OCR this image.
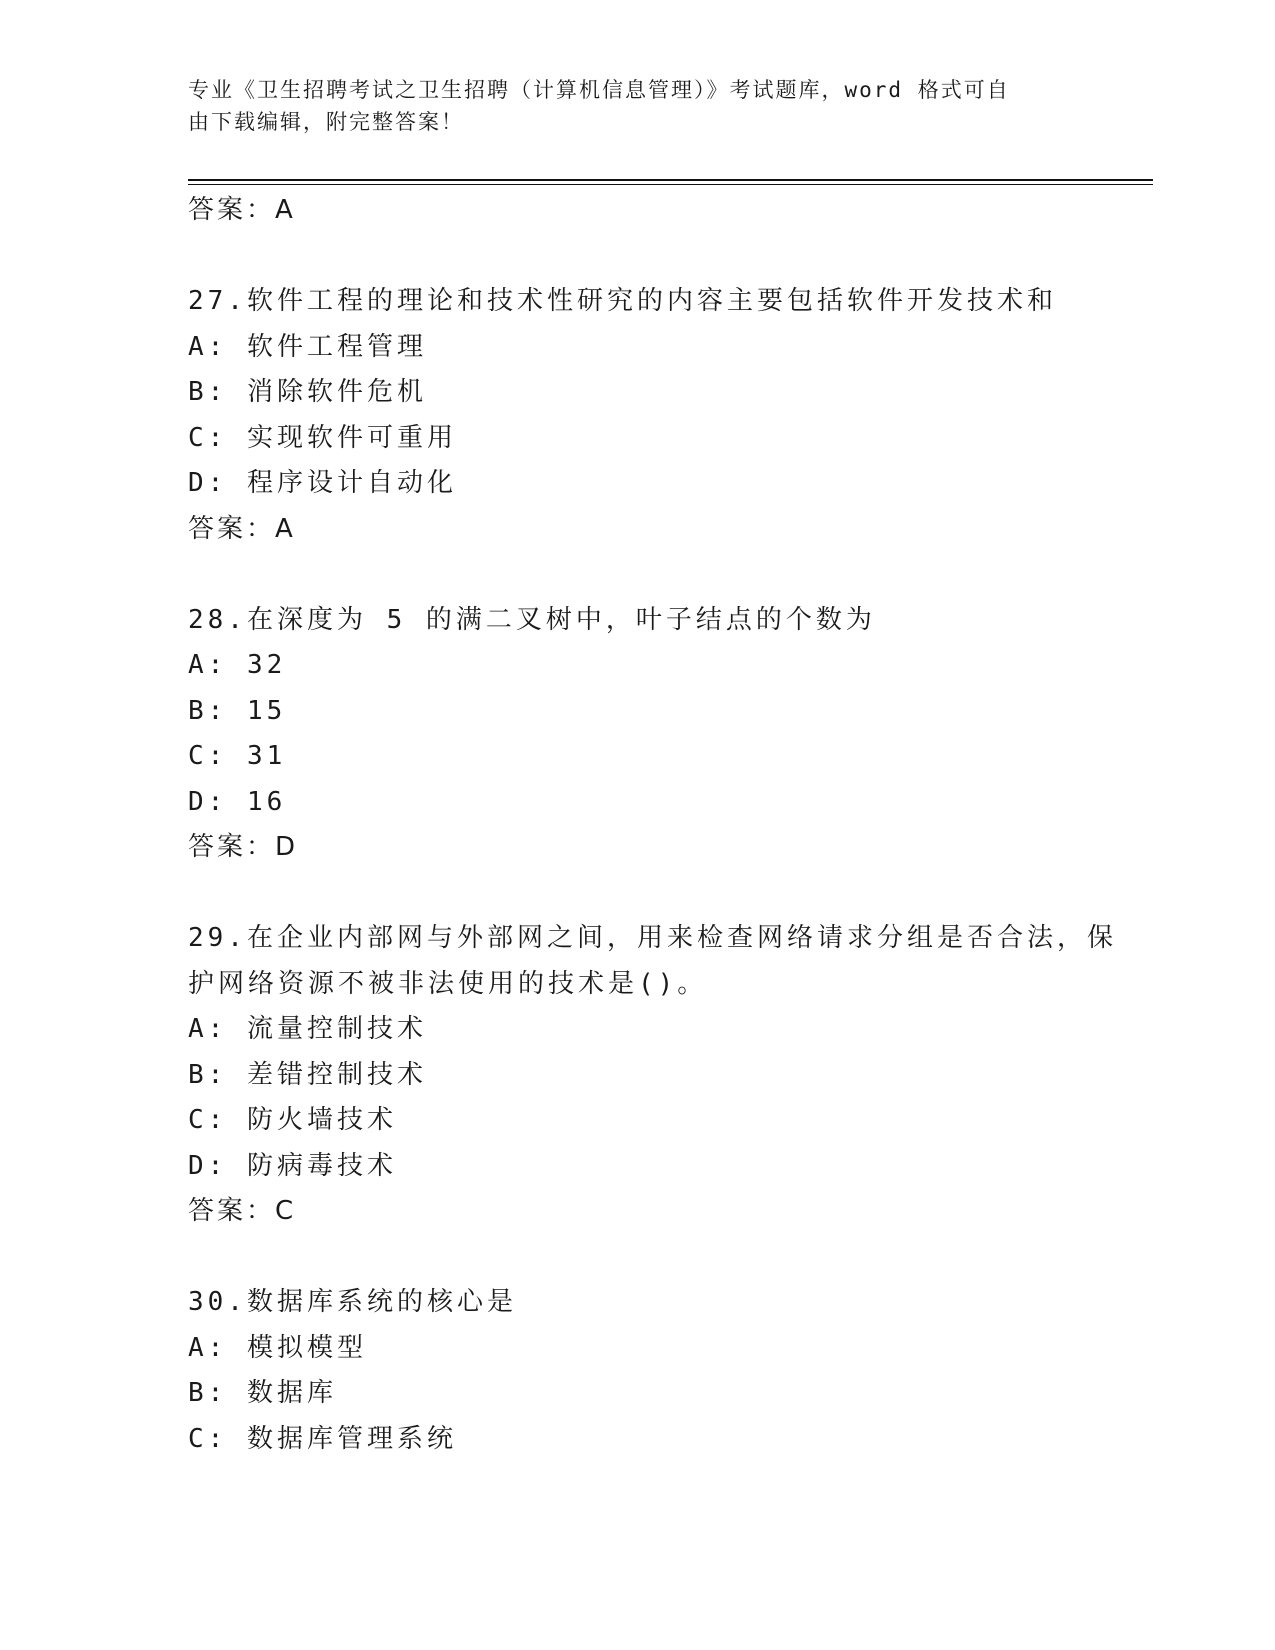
专业《卫生招聘考试之卫生招聘（计算机信息管理）》考试题库，word 格式可自
由下载编辑，附完整答案！
答案：A
27.软件工程的理论和技术性研究的内容主要包括软件开发技术和
A: 软件工程管理
B: 消除软件危机
C: 实现软件可重用
D: 程序设计自动化
答案：A
28.在深度为 5 的满二叉树中，叶子结点的个数为
A: 32
B: 15
C: 31
D: 16
答案：D
29.在企业内部网与外部网之间，用来检查网络请求分组是否合法，保
护网络资源不被非法使用的技术是()。
A: 流量控制技术
B: 差错控制技术
C: 防火墙技术
D: 防病毒技术
答案：C
30.数据库系统的核心是
A: 模拟模型
B: 数据库
C: 数据库管理系统
